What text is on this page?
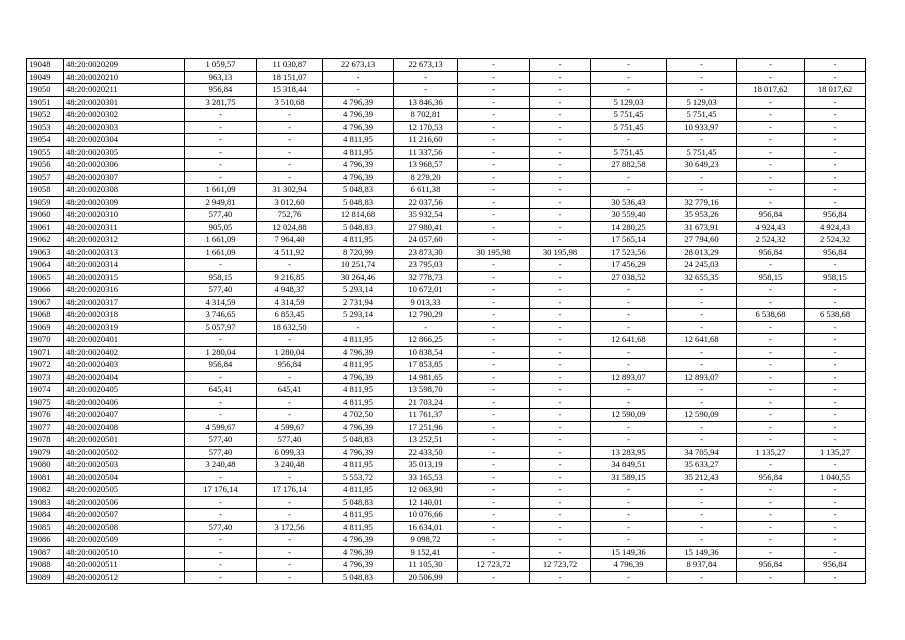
19048	48:20:0020209	1 059,57	11 030,87	22 673,13	22 673,13	-	-	-	-	-	-
19049	48:20:0020210	963,13	18 151,07	-	-	-	-	-	-	-	-
19050	48:20:0020211	956,84	15 318,44	-	-	-	-	-	-	18 017,62	18 017,62
19051	48:20:0020301	3 281,75	3 510,68	4 796,39	13 846,36	-	-	5 129,03	5 129,03	-	-
19052	48:20:0020302	-	-	4 796,39	8 702,81	-	-	5 751,45	5 751,45	-	-
19053	48:20:0020303	-	-	4 796,39	12 170,53	-	-	5 751,45	10 933,97	-	-
19054	48:20:0020304	-	-	4 811,95	11 216,60	-	-	-	-	-	-
19055	48:20:0020305	-	-	4 811,95	11 337,56	-	-	5 751,45	5 751,45	-	-
19056	48:20:0020306	-	-	4 796,39	13 968,57	-	-	27 882,58	30 649,23	-	-
19057	48:20:0020307	-	-	4 796,39	8 279,20	-	-	-	-	-	-
19058	48:20:0020308	1 661,09	31 302,94	5 048,83	6 611,38	-	-	-	-	-	-
19059	48:20:0020309	2 949,81	3 012,60	5 048,83	22 037,56	-	-	30 536,43	32 779,16	-	-
19060	48:20:0020310	577,40	752,76	12 814,68	35 932,54	-	-	30 559,40	35 953,26	956,84	956,84
19061	48:20:0020311	905,05	12 024,88	5 048,83	27 980,41	-	-	14 280,25	31 673,91	4 924,43	4 924,43
19062	48:20:0020312	1 661,09	7 964,40	4 811,95	24 057,60	-	-	17 565,14	27 794,60	2 524,32	2 524,32
19063	48:20:0020313	1 661,09	4 511,92	8 720,99	23 873,30	30 195,98	30 195,98	17 523,56	28 013,29	956,84	956,84
19064	48:20:0020314	-	-	10 251,74	23 795,03	-	-	17 456,29	24 245,03	-	-
19065	48:20:0020315	958,15	9 216,85	30 264,46	32 778,73	-	-	27 038,52	32 655,35	958,15	958,15
19066	48:20:0020316	577,40	4 948,37	5 293,14	10 672,01	-	-	-	-	-	-
19067	48:20:0020317	4 314,59	4 314,59	2 731,94	9 013,33	-	-	-	-	-	-
19068	48:20:0020318	3 746,65	6 853,45	5 293,14	12 790,29	-	-	-	-	6 538,68	6 538,68
19069	48:20:0020319	5 057,97	18 632,50	-	-	-	-	-	-	-	-
19070	48:20:0020401	-	-	4 811,95	12 866,25	-	-	12 641,68	12 641,68	-	-
19071	48:20:0020402	1 280,04	1 280,04	4 796,39	10 838,54	-	-	-	-	-	-
19072	48:20:0020403	956,84	956,84	4 811,95	17 853,85	-	-	-	-	-	-
19073	48:20:0020404	-	-	4 796,39	14 981,65	-	-	12 893,07	12 893,07	-	-
19074	48:20:0020405	645,41	645,41	4 811,95	13 598,70	-	-	-	-	-	-
19075	48:20:0020406	-	-	4 811,95	21 703,24	-	-	-	-	-	-
19076	48:20:0020407	-	-	4 702,50	11 761,37	-	-	12 590,09	12 590,09	-	-
19077	48:20:0020408	4 599,67	4 599,67	4 796,39	17 251,96	-	-	-	-	-	-
19078	48:20:0020501	577,40	577,40	5 048,83	13 252,51	-	-	-	-	-	-
19079	48:20:0020502	577,40	6 099,33	4 796,39	22 433,50	-	-	13 283,95	34 705,94	1 135,27	1 135,27
19080	48:20:0020503	3 240,48	3 240,48	4 811,95	35 013,19	-	-	34 849,51	35 633,27	-	-
19081	48:20:0020504	-	-	5 553,72	33 165,53	-	-	31 589,15	35 212,43	956,84	1 040,55
19082	48:20:0020505	17 176,14	17 176,14	4 811,95	12 063,90	-	-	-	-	-	-
19083	48:20:0020506	-	-	5 048,83	12 140,01	-	-	-	-	-	-
19084	48:20:0020507	-	-	4 811,95	10 076,66	-	-	-	-	-	-
19085	48:20:0020508	577,40	3 172,56	4 811,95	16 634,01	-	-	-	-	-	-
19086	48:20:0020509	-	-	4 796,39	9 098,72	-	-	-	-	-	-
19087	48:20:0020510	-	-	4 796,39	9 152,41	-	-	15 149,36	15 149,36	-	-
19088	48:20:0020511	-	-	4 796,39	11 105,30	12 723,72	12 723,72	4 796,39	8 937,84	956,84	956,84
19089	48:20:0020512	-	-	5 048,83	20 506,99	-	-	-	-	-	-
